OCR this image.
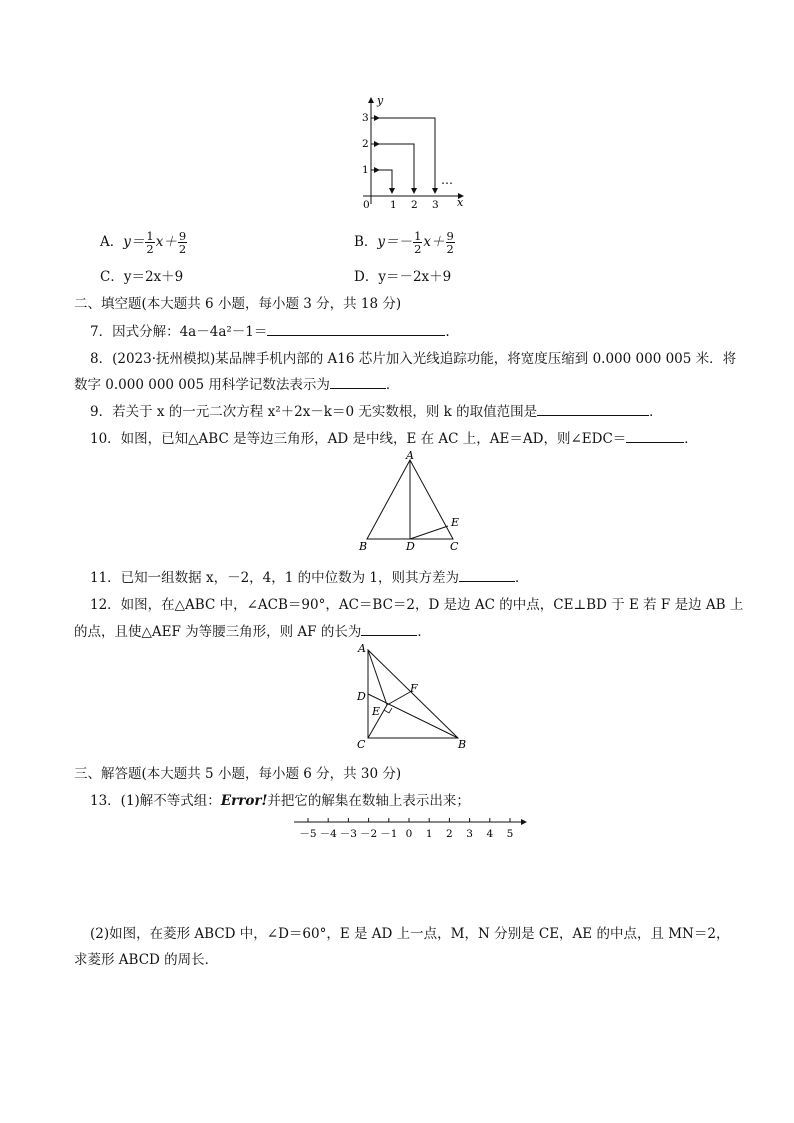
y
x
0 1 2 3
1
2
3
…
A．$y= \frac{1}{2} x+ \frac{9}{2}$	B．$y=- \frac{1}{2} x+ \frac{9}{2}$
C．y＝2x＋9	D．y＝－2x＋9
二、填空题(本大题共 6 小题，每小题 3 分，共 18 分)
7．因式分解：4a－4a²－1＝	.
8．(2023·抚州模拟)某品牌手机内部的 A16 芯片加入光线追踪功能，将宽度压缩到 0.000 000 005 米．将
数字 0.000 000 005 用科学记数法表示为	．
9．若关于 x 的一元二次方程 x²＋2x－k＝0 无实数根，则 k 的取值范围是	．
10．如图，已知△ABC 是等边三角形，AD 是中线，E 在 AC 上，AE＝AD，则∠EDC＝	．
A
B	D	C
E
11．已知一组数据 x，－2，4，1 的中位数为 1，则其方差为	．
12．如图，在△ABC 中，∠ACB＝90°，AC＝BC＝2，D 是边 AC 的中点，CE⊥BD 于 E 若 F 是边 AB 上
的点，且使△AEF 为等腰三角形，则 AF 的长为	．
A
D
E
F
C	B
三、解答题(本大题共 5 小题，每小题 6 分，共 30 分)
13．(1)解不等式组：Error!并把它的解集在数轴上表示出来；
－5 －4 －3 －2 －1 0 1 2 3 4 5
(2)如图，在菱形 ABCD 中，∠D＝60°，E 是 AD 上一点，M，N 分别是 CE，AE 的中点，且 MN＝2，
求菱形 ABCD 的周长．
